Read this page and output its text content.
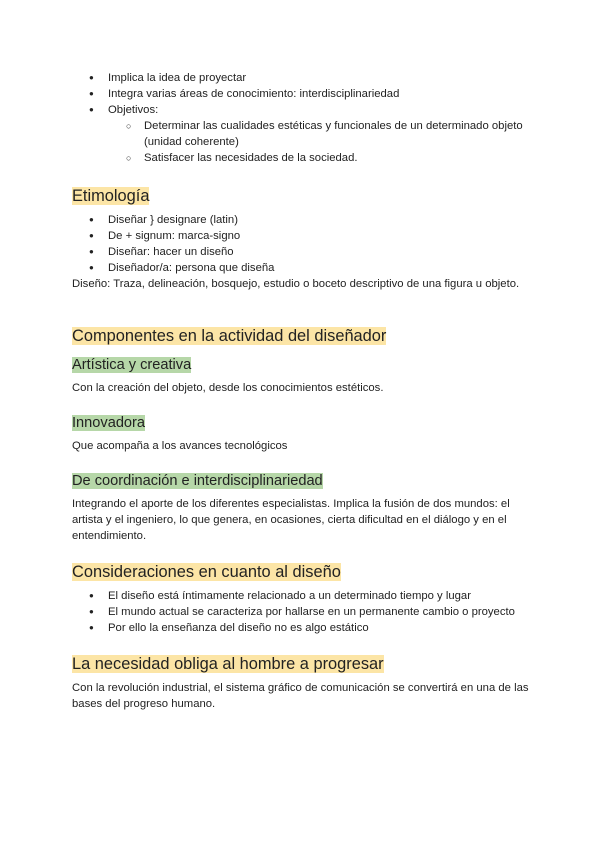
● Implica la idea de proyectar
● Integra varias áreas de conocimiento: interdisciplinariedad
● Objetivos:
○ Determinar las cualidades estéticas y funcionales de un determinado objeto (unidad coherente)
○ Satisfacer las necesidades de la sociedad.
Etimología
● Diseñar } designare (latin)
● De + signum: marca-signo
● Diseñar: hacer un diseño
● Diseñador/a: persona que diseña

Diseño: Traza, delineación, bosquejo, estudio o boceto descriptivo de una figura u objeto.

Componentes en la actividad del diseñador
Artística y creativa

Con la creación del objeto, desde los conocimientos estéticos.

Innovadora

Que acompaña a los avances tecnológicos

De coordinación e interdisciplinariedad

Integrando el aporte de los diferentes especialistas. Implica la fusión de dos mundos: el artista y el ingeniero, lo que genera, en ocasiones, cierta dificultad en el diálogo y en el entendimiento.

Consideraciones en cuanto al diseño
● El diseño está íntimamente relacionado a un determinado tiempo y lugar
● El mundo actual se caracteriza por hallarse en un permanente cambio o proyecto
● Por ello la enseñanza del diseño no es algo estático
La necesidad obliga al hombre a progresar

Con la revolución industrial, el sistema gráfico de comunicación se convertirá en una de las bases del progreso humano.
